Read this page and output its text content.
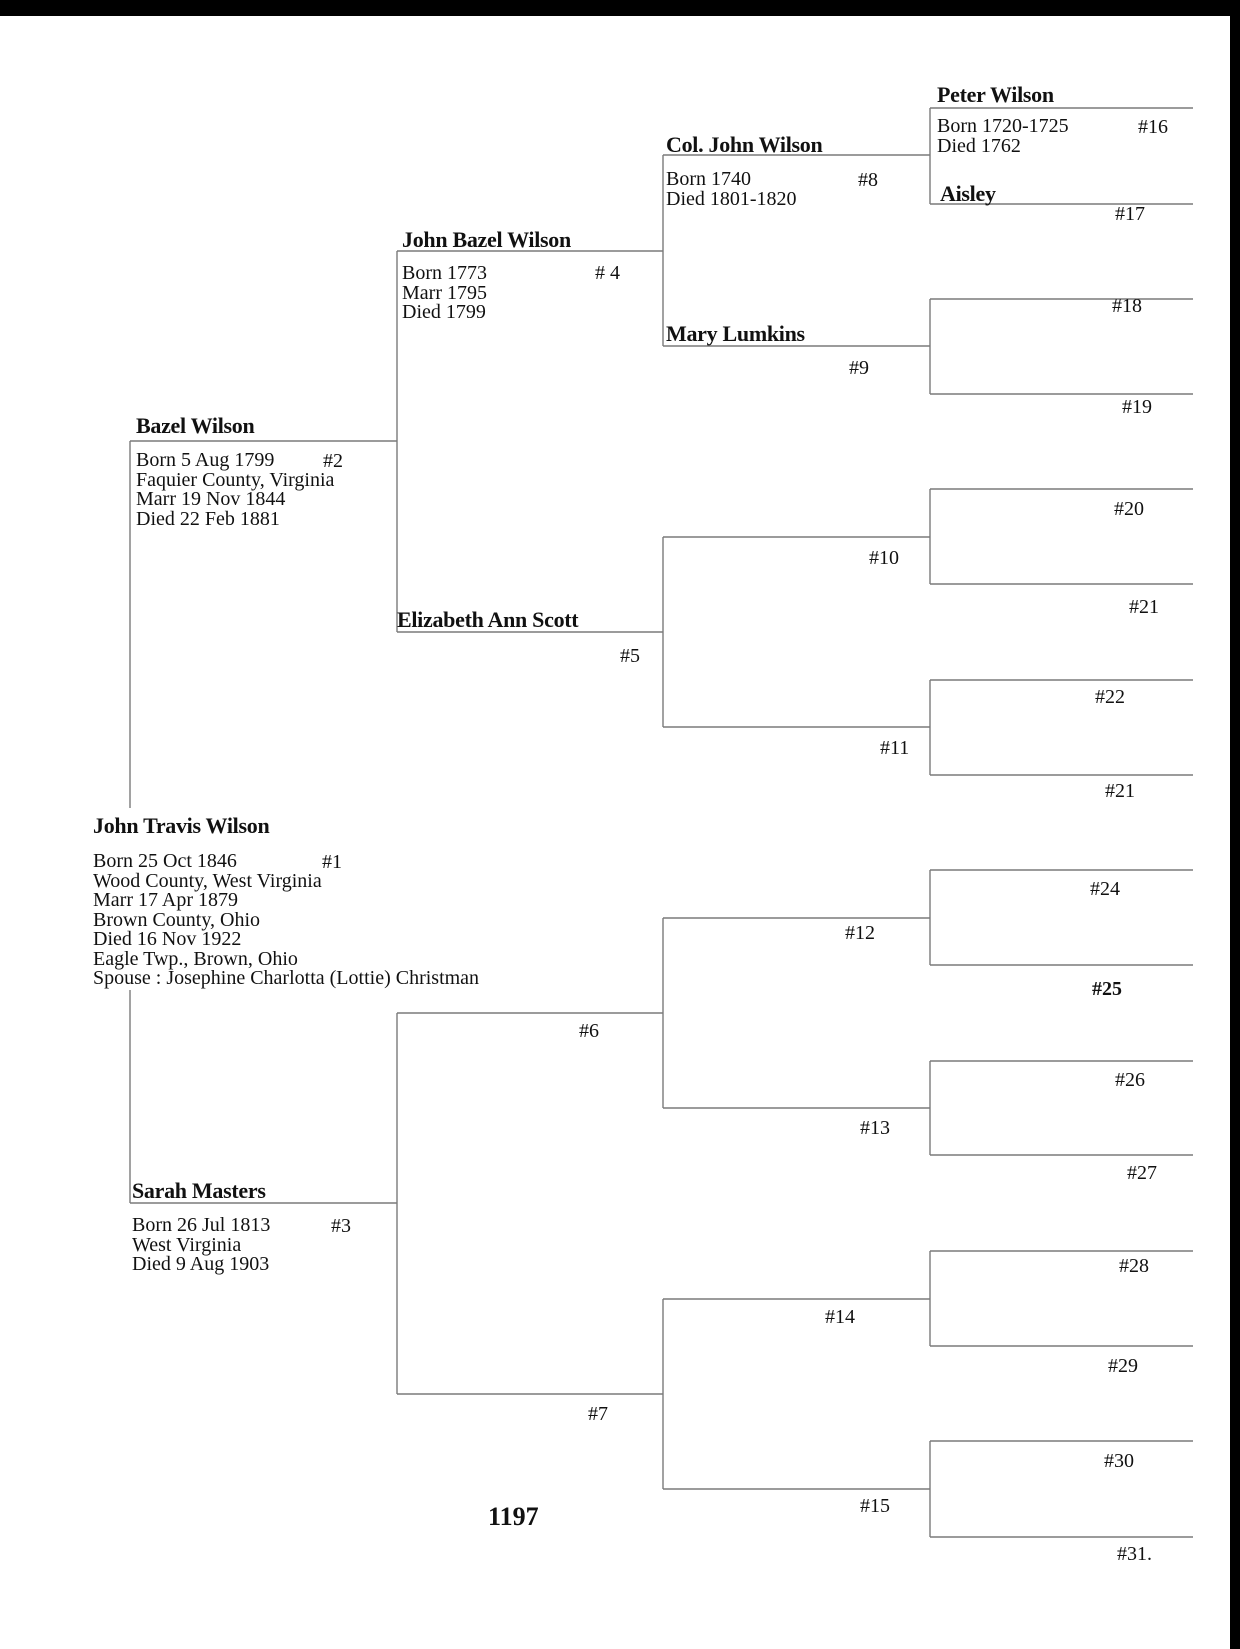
John Travis Wilson
Born 25 Oct 1846
Wood County, West Virginia
Marr 17 Apr 1879
Brown County, Ohio
Died 16 Nov 1922
Eagle Twp., Brown, Ohio
Spouse : Josephine Charlotta (Lottie) Christman
#1
Bazel Wilson
Born 5 Aug 1799
Faquier County, Virginia
Marr 19 Nov 1844
Died 22 Feb 1881
#2
Sarah Masters
Born 26 Jul 1813
West Virginia
Died 9 Aug 1903
#3
John Bazel Wilson
Born 1773
Marr 1795
Died 1799
# 4
Elizabeth Ann Scott
#5
#6
#7
Col. John Wilson
Born 1740
Died 1801-1820
#8
Mary Lumkins
#9
#10
#11
#12
#13
#14
#15
Peter Wilson
Born 1720-1725
Died 1762
#16
Aisley
#17
#18
#19
#20
#21
#22
#21
#24
#25
#26
#27
#28
#29
#30
#31.
1197
